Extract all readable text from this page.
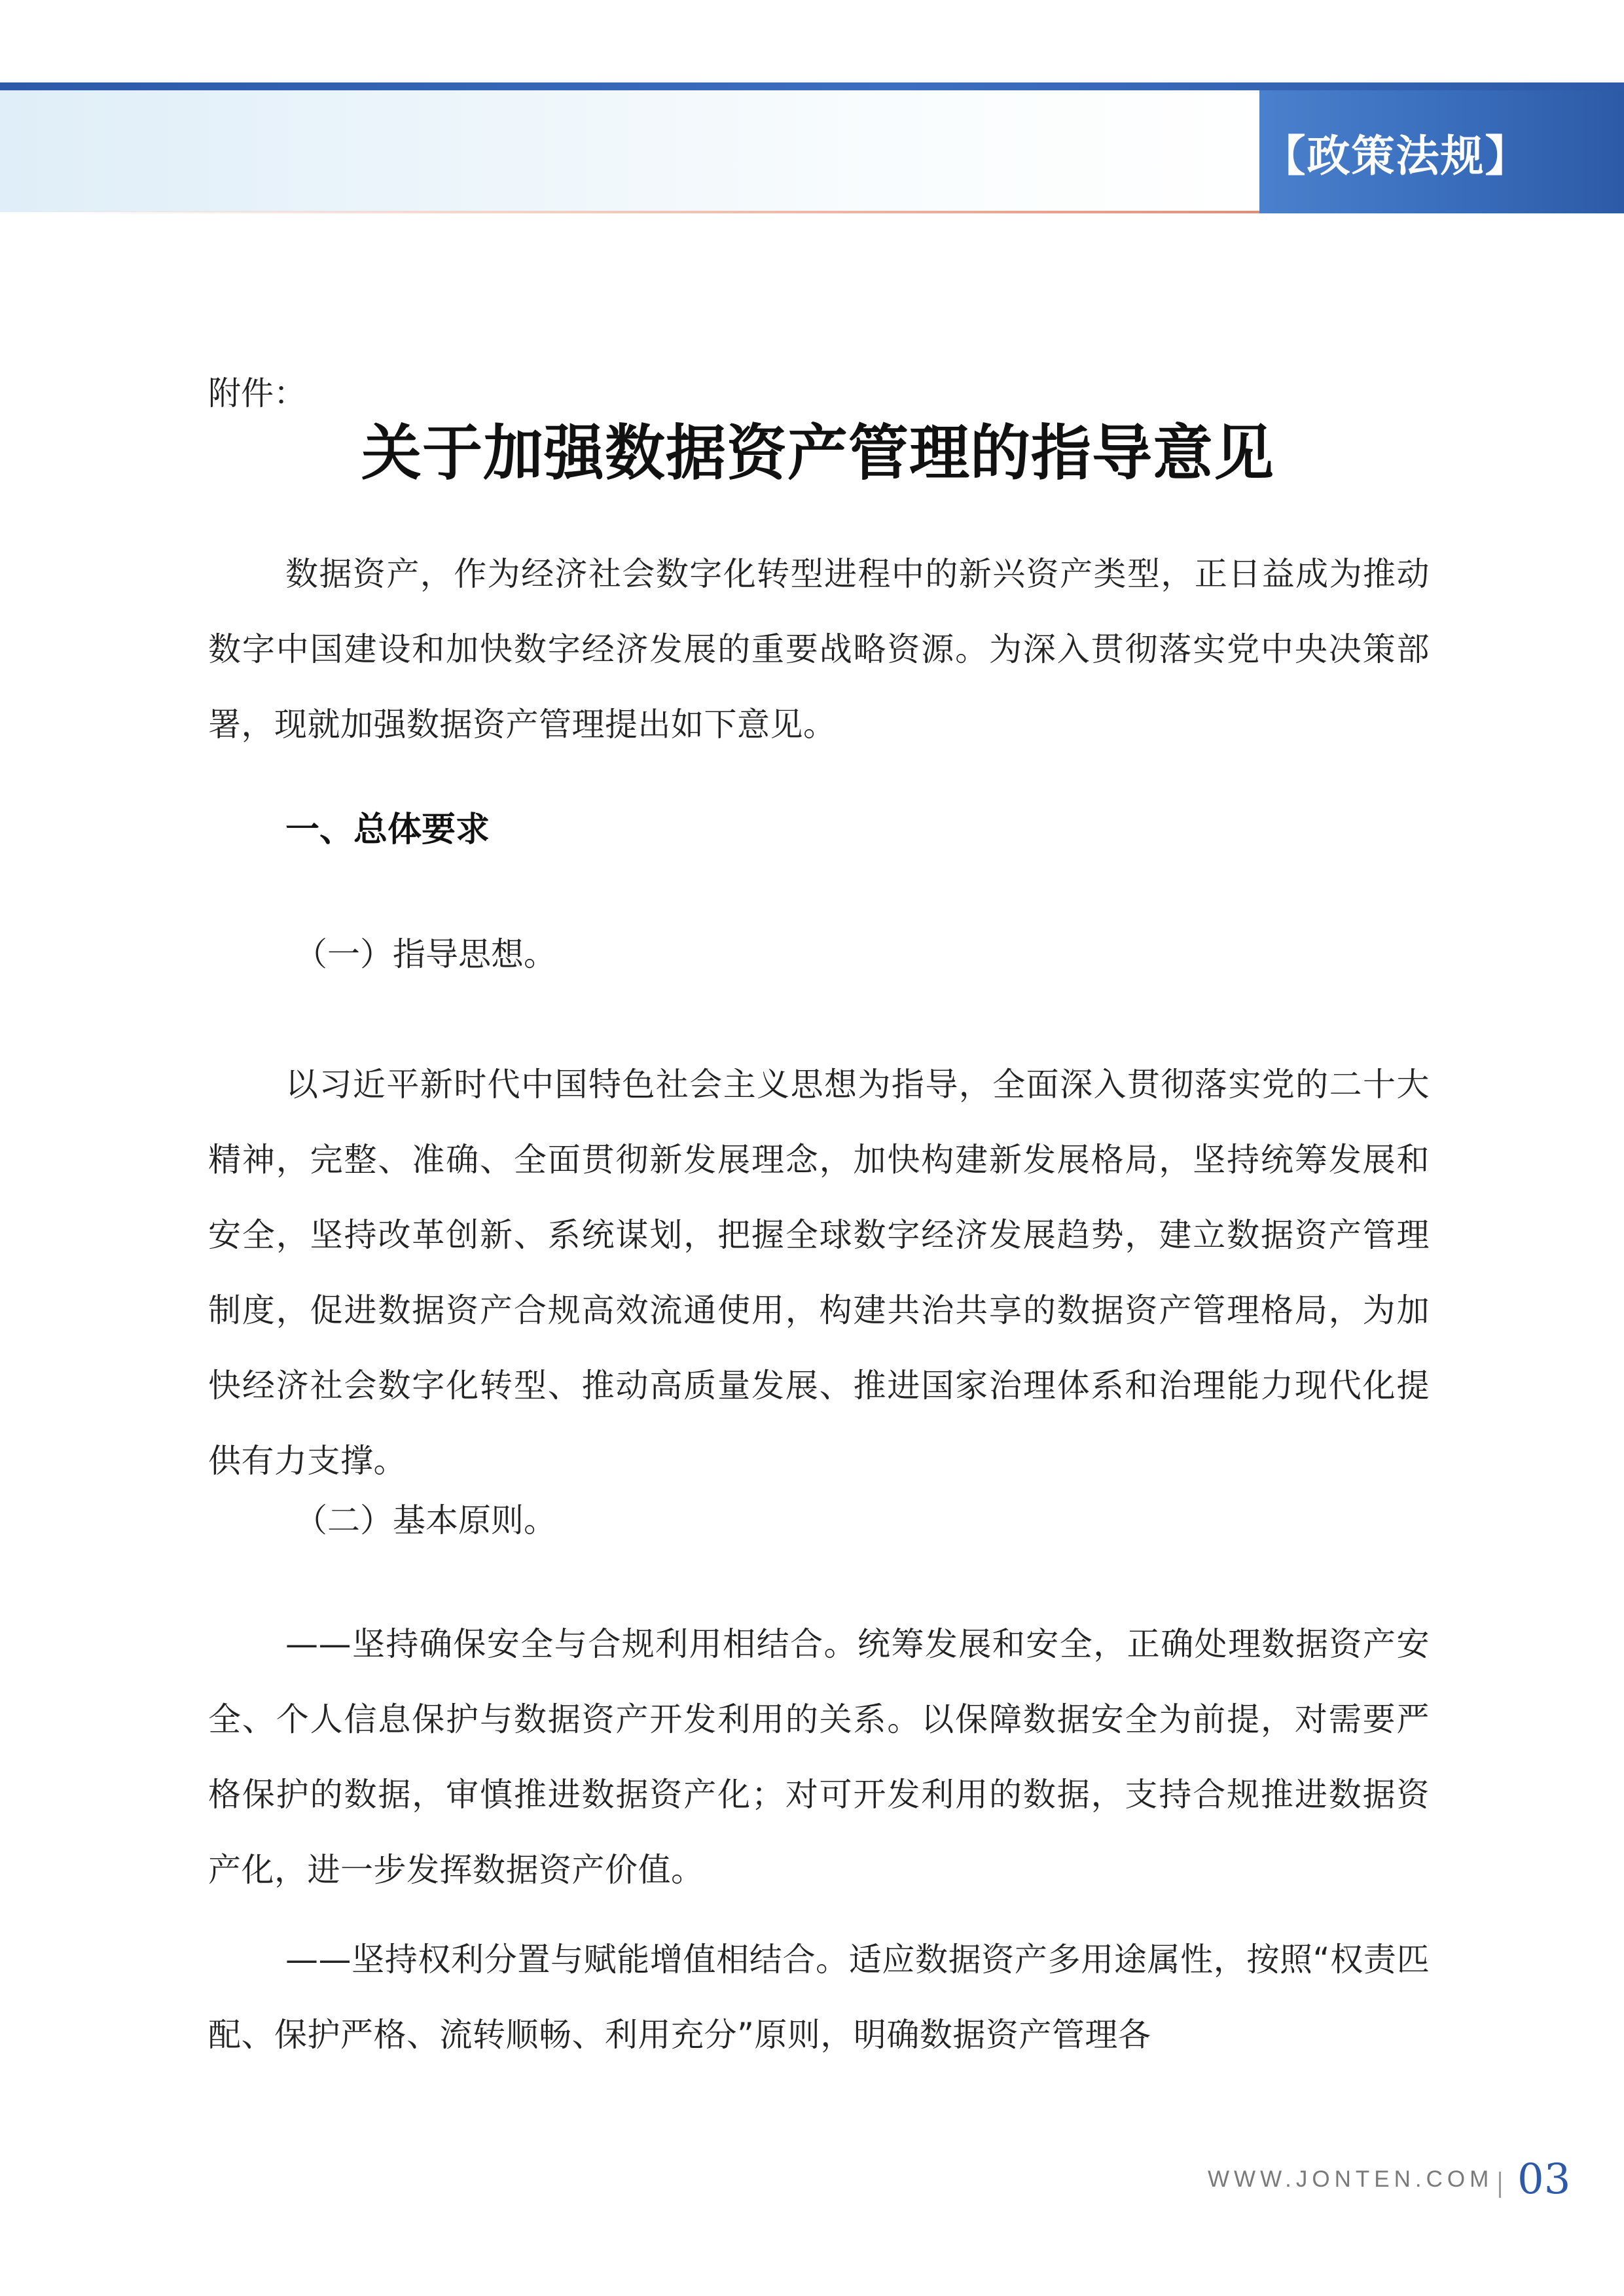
【政策法规】
附件：
关于加强数据资产管理的指导意见

数据资产，作为经济社会数字化转型进程中的新兴资产类型，正日益成为推动数字中国建设和加快数字经济发展的重要战略资源。为深入贯彻落实党中央决策部署，现就加强数据资产管理提出如下意见。

一、总体要求
（一）指导思想。

以习近平新时代中国特色社会主义思想为指导，全面深入贯彻落实党的二十大精神，完整、准确、全面贯彻新发展理念，加快构建新发展格局，坚持统筹发展和安全，坚持改革创新、系统谋划，把握全球数字经济发展趋势，建立数据资产管理制度，促进数据资产合规高效流通使用，构建共治共享的数据资产管理格局，为加快经济社会数字化转型、推动高质量发展、推进国家治理体系和治理能力现代化提供有力支撑。

（二）基本原则。

——坚持确保安全与合规利用相结合。统筹发展和安全，正确处理数据资产安全、个人信息保护与数据资产开发利用的关系。以保障数据安全为前提，对需要严格保护的数据，审慎推进数据资产化；对可开发利用的数据，支持合规推进数据资产化，进一步发挥数据资产价值。

——坚持权利分置与赋能增值相结合。适应数据资产多用途属性，按照“权责匹配、保护严格、流转顺畅、利用充分”原则，明确数据资产管理各

WWW.JONTEN.COM 03
